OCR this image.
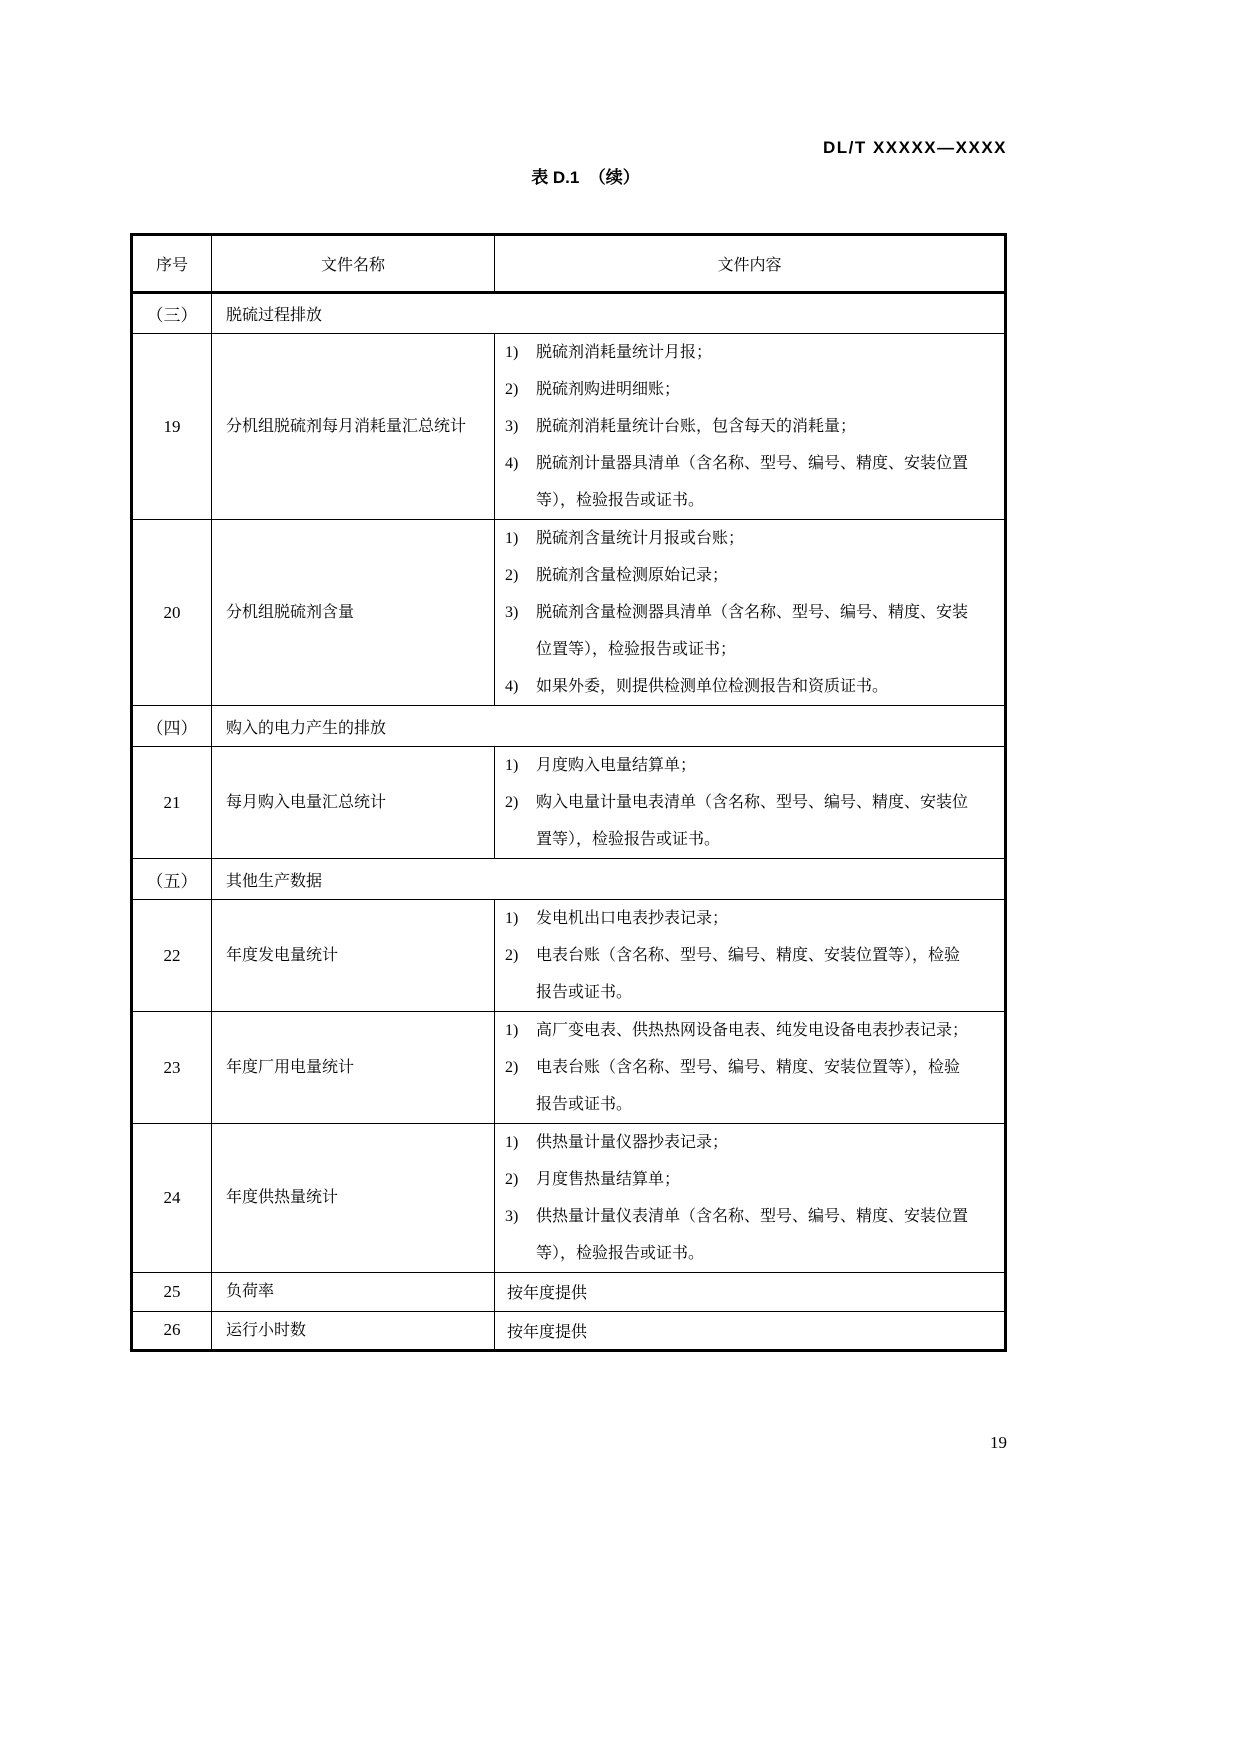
DL/T XXXXX—XXXX
表 D.1  （续）
序号	文件名称	文件内容
（三）	脱硫过程排放	
19	分机组脱硫剂每月消耗量汇总统计	
1)	脱硫剂消耗量统计月报；
2)	脱硫剂购进明细账；
3)	脱硫剂消耗量统计台账，包含每天的消耗量；
4)	脱硫剂计量器具清单（含名称、型号、编号、精度、安装位置等），检验报告或证书。

20	分机组脱硫剂含量	
1)	脱硫剂含量统计月报或台账；
2)	脱硫剂含量检测原始记录；
3)	脱硫剂含量检测器具清单（含名称、型号、编号、精度、安装位置等），检验报告或证书；
4)	如果外委，则提供检测单位检测报告和资质证书。

（四）	购入的电力产生的排放	
21	每月购入电量汇总统计	1) 月度购入电量结算单；
2) 购入电量计量电表清单（含名称、型号、编号、精度、安装位置等），检验报告或证书。

（五）	其他生产数据	
22	年度发电量统计	1) 发电机出口电表抄表记录；
2) 电表台账（含名称、型号、编号、精度、安装位置等），检验报告或证书。

23	年度厂用电量统计	1) 高厂变电表、供热热网设备电表、纯发电设备电表抄表记录；
2) 电表台账（含名称、型号、编号、精度、安装位置等），检验报告或证书。

24	年度供热量统计	
1)	供热量计量仪器抄表记录；
2)	月度售热量结算单；
3)	供热量计量仪表清单（含名称、型号、编号、精度、安装位置等），检验报告或证书。

25	负荷率	按年度提供
26	运行小时数	按年度提供
19
